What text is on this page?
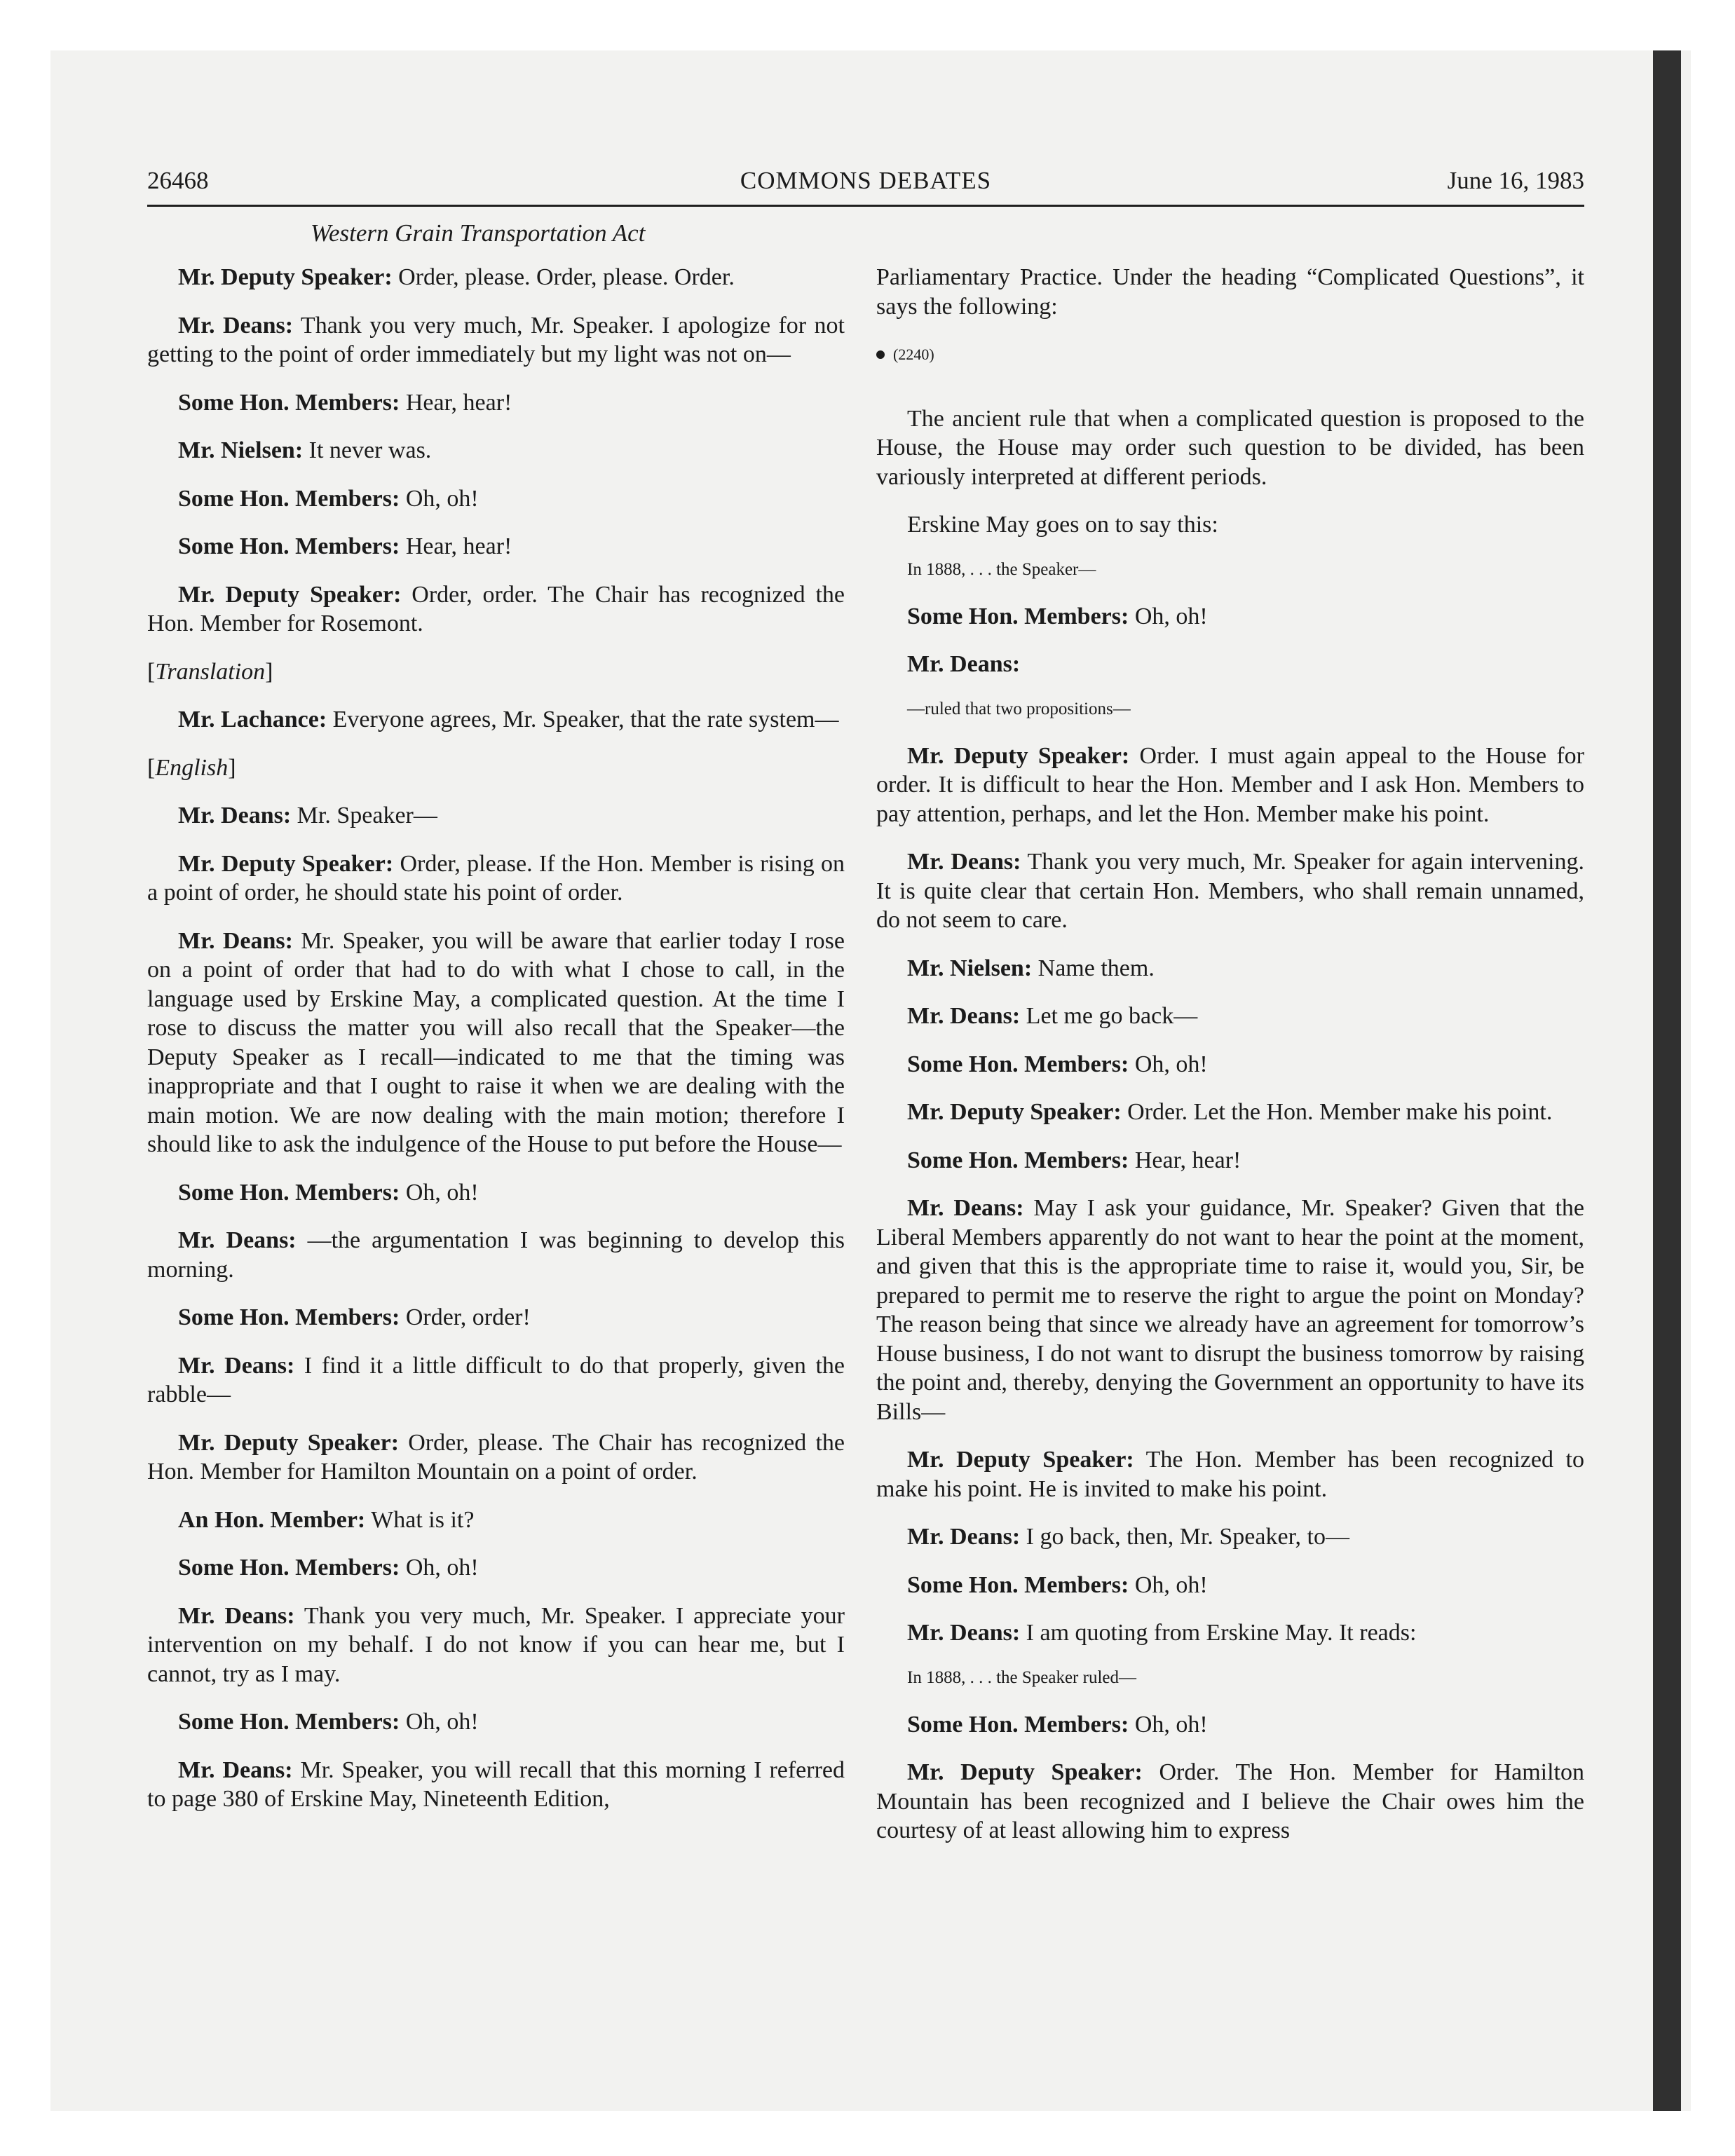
26468	COMMONS DEBATES	June 16, 1983
Western Grain Transportation Act

Mr. Deputy Speaker: Order, please. Order, please. Order.

Mr. Deans: Thank you very much, Mr. Speaker. I apologize for not getting to the point of order immediately but my light was not on—

Some Hon. Members: Hear, hear!

Mr. Nielsen: It never was.

Some Hon. Members: Oh, oh!

Some Hon. Members: Hear, hear!

Mr. Deputy Speaker: Order, order. The Chair has recognized the Hon. Member for Rosemont.

[Translation]

Mr. Lachance: Everyone agrees, Mr. Speaker, that the rate system—

[English]

Mr. Deans: Mr. Speaker—

Mr. Deputy Speaker: Order, please. If the Hon. Member is rising on a point of order, he should state his point of order.

Mr. Deans: Mr. Speaker, you will be aware that earlier today I rose on a point of order that had to do with what I chose to call, in the language used by Erskine May, a complicated question. At the time I rose to discuss the matter you will also recall that the Speaker—the Deputy Speaker as I recall—indicated to me that the timing was inappropriate and that I ought to raise it when we are dealing with the main motion. We are now dealing with the main motion; therefore I should like to ask the indulgence of the House to put before the House—

Some Hon. Members: Oh, oh!

Mr. Deans: —the argumentation I was beginning to develop this morning.

Some Hon. Members: Order, order!

Mr. Deans: I find it a little difficult to do that properly, given the rabble—

Mr. Deputy Speaker: Order, please. The Chair has recognized the Hon. Member for Hamilton Mountain on a point of order.

An Hon. Member: What is it?

Some Hon. Members: Oh, oh!

Mr. Deans: Thank you very much, Mr. Speaker. I appreciate your intervention on my behalf. I do not know if you can hear me, but I cannot, try as I may.

Some Hon. Members: Oh, oh!

Mr. Deans: Mr. Speaker, you will recall that this morning I referred to page 380 of Erskine May, Nineteenth Edition,

Parliamentary Practice. Under the heading “Complicated Questions”, it says the following:

(2240)

The ancient rule that when a complicated question is proposed to the House, the House may order such question to be divided, has been variously interpreted at different periods.

Erskine May goes on to say this:

In 1888, . . . the Speaker—

Some Hon. Members: Oh, oh!

Mr. Deans:

—ruled that two propositions—

Mr. Deputy Speaker: Order. I must again appeal to the House for order. It is difficult to hear the Hon. Member and I ask Hon. Members to pay attention, perhaps, and let the Hon. Member make his point.

Mr. Deans: Thank you very much, Mr. Speaker for again intervening. It is quite clear that certain Hon. Members, who shall remain unnamed, do not seem to care.

Mr. Nielsen: Name them.

Mr. Deans: Let me go back—

Some Hon. Members: Oh, oh!

Mr. Deputy Speaker: Order. Let the Hon. Member make his point.

Some Hon. Members: Hear, hear!

Mr. Deans: May I ask your guidance, Mr. Speaker? Given that the Liberal Members apparently do not want to hear the point at the moment, and given that this is the appropriate time to raise it, would you, Sir, be prepared to permit me to reserve the right to argue the point on Monday? The reason being that since we already have an agreement for tomorrow’s House business, I do not want to disrupt the business tomorrow by raising the point and, thereby, denying the Government an opportunity to have its Bills—

Mr. Deputy Speaker: The Hon. Member has been recognized to make his point. He is invited to make his point.

Mr. Deans: I go back, then, Mr. Speaker, to—

Some Hon. Members: Oh, oh!

Mr. Deans: I am quoting from Erskine May. It reads:

In 1888, . . . the Speaker ruled—

Some Hon. Members: Oh, oh!

Mr. Deputy Speaker: Order. The Hon. Member for Hamilton Mountain has been recognized and I believe the Chair owes him the courtesy of at least allowing him to express
